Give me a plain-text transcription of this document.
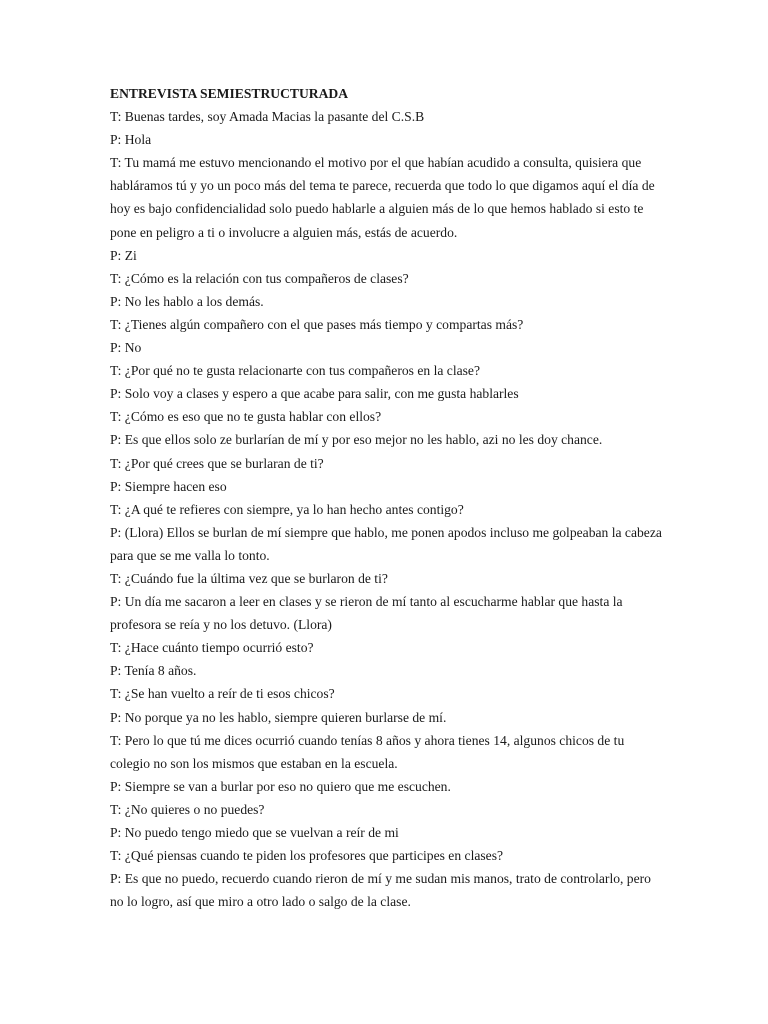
ENTREVISTA SEMIESTRUCTURADA

T: Buenas tardes, soy Amada Macias la pasante del C.S.B

P: Hola

T: Tu mamá me estuvo mencionando el motivo por el que habían acudido a consulta, quisiera que habláramos tú y yo un poco más del tema te parece, recuerda que todo lo que digamos aquí el día de hoy es bajo confidencialidad solo puedo hablarle a alguien más de lo que hemos hablado si esto te pone en peligro a ti o involucre a alguien más, estás de acuerdo.

P: Zi

T: ¿Cómo es la relación con tus compañeros de clases?

P: No les hablo a los demás.

T: ¿Tienes algún compañero con el que pases más tiempo y compartas más?

P: No

T: ¿Por qué no te gusta relacionarte con tus compañeros en la clase?

P: Solo voy a clases y espero a que acabe para salir, con me gusta hablarles

T: ¿Cómo es eso que no te gusta hablar con ellos?

P: Es que ellos solo ze burlarían de mí y por eso mejor no les hablo, azi no les doy chance.

T: ¿Por qué crees que se burlaran de ti?

P: Siempre hacen eso

T: ¿A qué te refieres con siempre, ya lo han hecho antes contigo?

P: (Llora) Ellos se burlan de mí siempre que hablo, me ponen apodos incluso me golpeaban la cabeza para que se me valla lo tonto.

T: ¿Cuándo fue la última vez que se burlaron de ti?

P: Un día me sacaron a leer en clases y se rieron de mí tanto al escucharme hablar que hasta la profesora se reía y no los detuvo. (Llora)

T: ¿Hace cuánto tiempo ocurrió esto?

P: Tenía 8 años.

T: ¿Se han vuelto a reír de ti esos chicos?

P: No porque ya no les hablo, siempre quieren burlarse de mí.

T: Pero lo que tú me dices ocurrió cuando tenías 8 años y ahora tienes 14, algunos chicos de tu colegio no son los mismos que estaban en la escuela.

P: Siempre se van a burlar por eso no quiero que me escuchen.

T: ¿No quieres o no puedes?

P: No puedo tengo miedo que se vuelvan a reír de mi

T: ¿Qué piensas cuando te piden los profesores que participes en clases?

P: Es que no puedo, recuerdo cuando rieron de mí y me sudan mis manos, trato de controlarlo, pero no lo logro, así que miro a otro lado o salgo de la clase.
